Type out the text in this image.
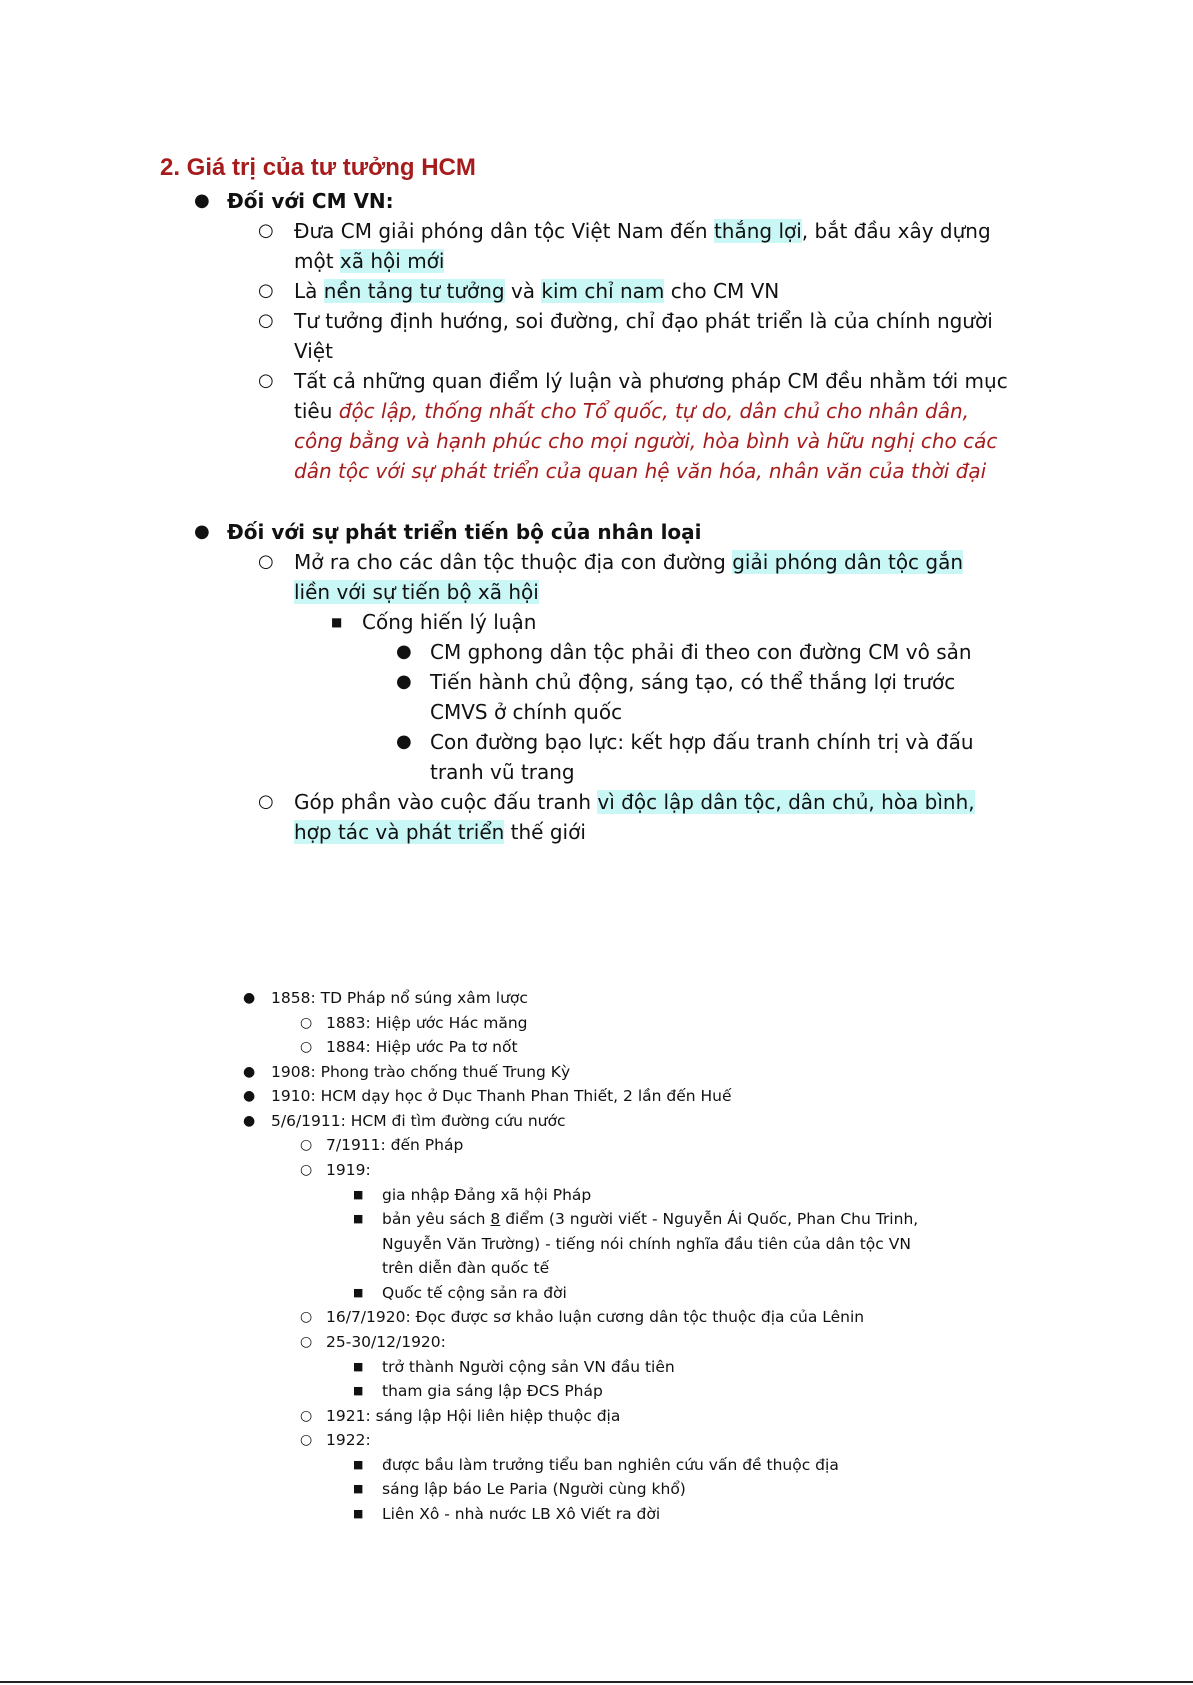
2. Giá trị của tư tưởng HCM
● Đối với CM VN:
○ Đưa CM giải phóng dân tộc Việt Nam đến thắng lợi, bắt đầu xây dựng
một xã hội mới
○ Là nền tảng tư tưởng và kim chỉ nam cho CM VN
○ Tư tưởng định hướng, soi đường, chỉ đạo phát triển là của chính người
Việt
○ Tất cả những quan điểm lý luận và phương pháp CM đều nhằm tới mục
tiêu độc lập, thống nhất cho Tổ quốc, tự do, dân chủ cho nhân dân,
công bằng và hạnh phúc cho mọi người, hòa bình và hữu nghị cho các
dân tộc với sự phát triển của quan hệ văn hóa, nhân văn của thời đại
● Đối với sự phát triển tiến bộ của nhân loại
○ Mở ra cho các dân tộc thuộc địa con đường giải phóng dân tộc gắn
liền với sự tiến bộ xã hội
■ Cống hiến lý luận
● CM gphong dân tộc phải đi theo con đường CM vô sản
● Tiến hành chủ động, sáng tạo, có thể thắng lợi trước
CMVS ở chính quốc
● Con đường bạo lực: kết hợp đấu tranh chính trị và đấu
tranh vũ trang
○ Góp phần vào cuộc đấu tranh vì độc lập dân tộc, dân chủ, hòa bình,
hợp tác và phát triển thế giới
● 1858: TD Pháp nổ súng xâm lược
○ 1883: Hiệp ước Hác măng
○ 1884: Hiệp ước Pa tơ nốt
● 1908: Phong trào chống thuế Trung Kỳ
● 1910: HCM dạy học ở Dục Thanh Phan Thiết, 2 lần đến Huế
● 5/6/1911: HCM đi tìm đường cứu nước
○ 7/1911: đến Pháp
○ 1919:
■ gia nhập Đảng xã hội Pháp
■ bản yêu sách 8 điểm (3 người viết - Nguyễn Ái Quốc, Phan Chu Trinh,
Nguyễn Văn Trường) - tiếng nói chính nghĩa đầu tiên của dân tộc VN
trên diễn đàn quốc tế
■ Quốc tế cộng sản ra đời
○ 16/7/1920: Đọc được sơ khảo luận cương dân tộc thuộc địa của Lênin
○ 25-30/12/1920:
■ trở thành Người cộng sản VN đầu tiên
■ tham gia sáng lập ĐCS Pháp
○ 1921: sáng lập Hội liên hiệp thuộc địa
○ 1922:
■ được bầu làm trưởng tiểu ban nghiên cứu vấn đề thuộc địa
■ sáng lập báo Le Paria (Người cùng khổ)
■ Liên Xô - nhà nước LB Xô Viết ra đời
